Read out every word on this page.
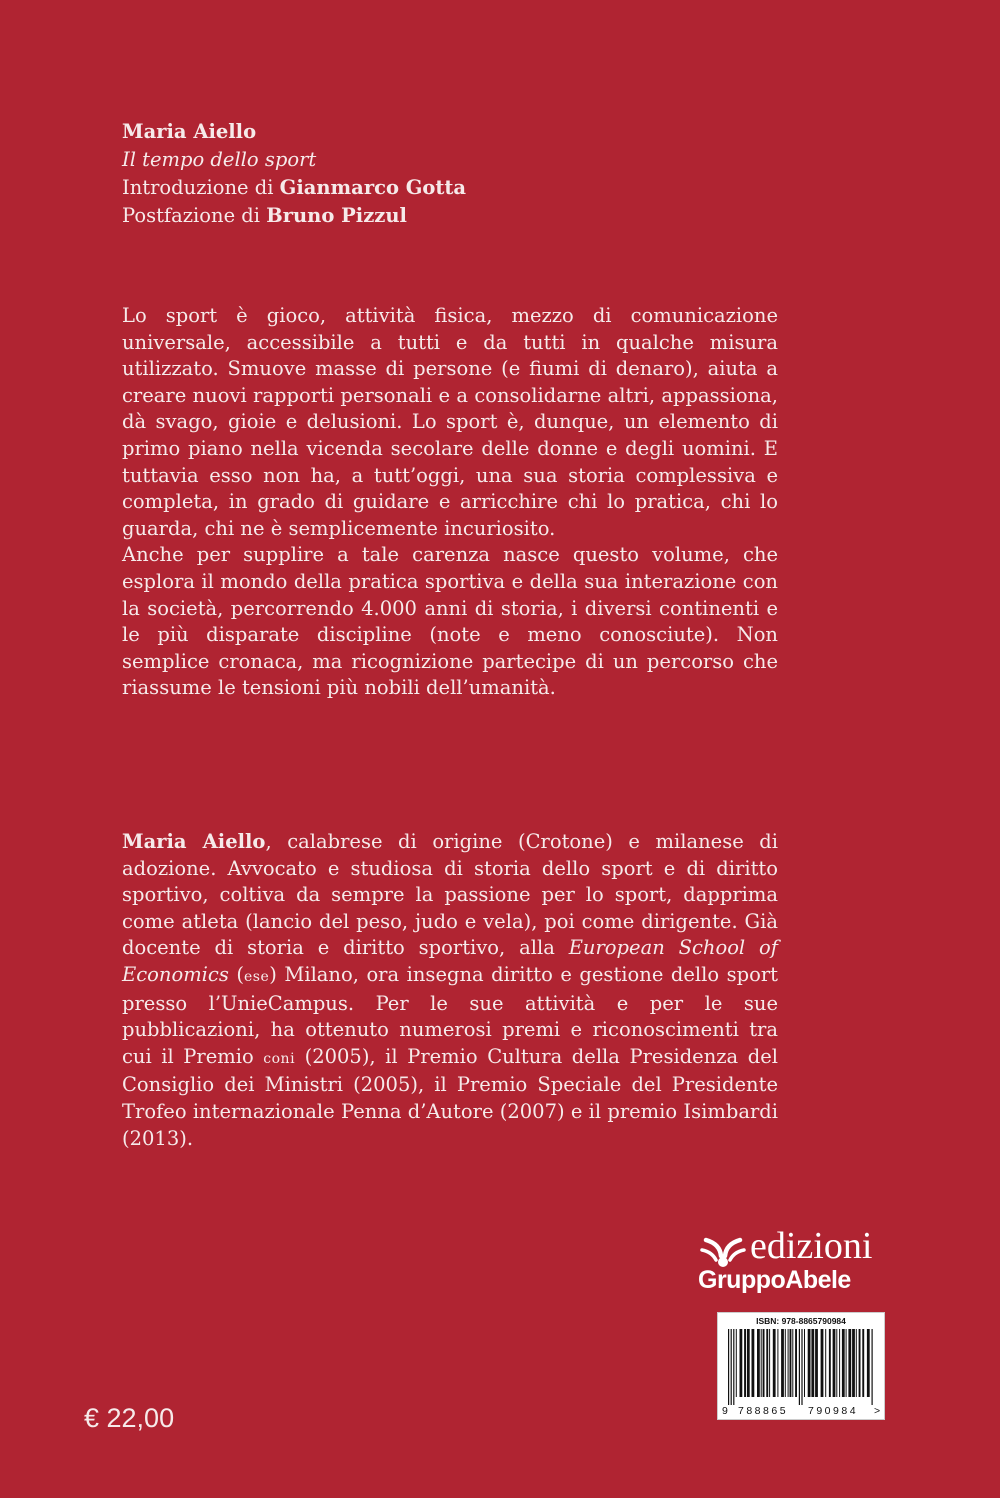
Maria Aiello
Il tempo dello sport
Introduzione di Gianmarco Gotta
Postfazione di Bruno Pizzul

Lo sport è gioco, attività fisica, mezzo di comunicazione universale, accessibile a tutti e da tutti in qualche misura utilizzato. Smuove masse di persone (e fiumi di denaro), aiuta a creare nuovi rapporti personali e a consolidarne altri, appassiona, dà svago, gioie e delusioni. Lo sport è, dunque, un elemento di primo piano nella vicenda secolare delle donne e degli uomini. E tuttavia esso non ha, a tutt’oggi, una sua storia complessiva e completa, in grado di guidare e arricchire chi lo pratica, chi lo guarda, chi ne è semplicemente incuriosito.

Anche per supplire a tale carenza nasce questo volume, che esplora il mondo della pratica sportiva e della sua interazione con la società, percorrendo 4.000 anni di storia, i diversi continenti e le più disparate discipline (note e meno conosciute). Non semplice cronaca, ma ricognizione partecipe di un percorso che riassume le tensioni più nobili dell’umanità.

Maria Aiello, calabrese di origine (Crotone) e milanese di adozione. Avvocato e studiosa di storia dello sport e di diritto sportivo, coltiva da sempre la passione per lo sport, dapprima come atleta (lancio del peso, judo e vela), poi come dirigente. Già docente di storia e diritto sportivo, alla European School of Economics (ese) Milano, ora insegna diritto e gestione dello sport presso l’UnieCampus. Per le sue attività e per le sue pubblicazioni, ha ottenuto numerosi premi e riconoscimenti tra cui il Premio coni (2005), il Premio Cultura della Presidenza del Consiglio dei Ministri (2005), il Premio Speciale del Presidente Trofeo internazionale Penna d’Autore (2007) e il premio Isimbardi (2013).

edizioni
GruppoAbele
ISBN: 978-8865790984
9 788865 790984 >
€ 22,00
